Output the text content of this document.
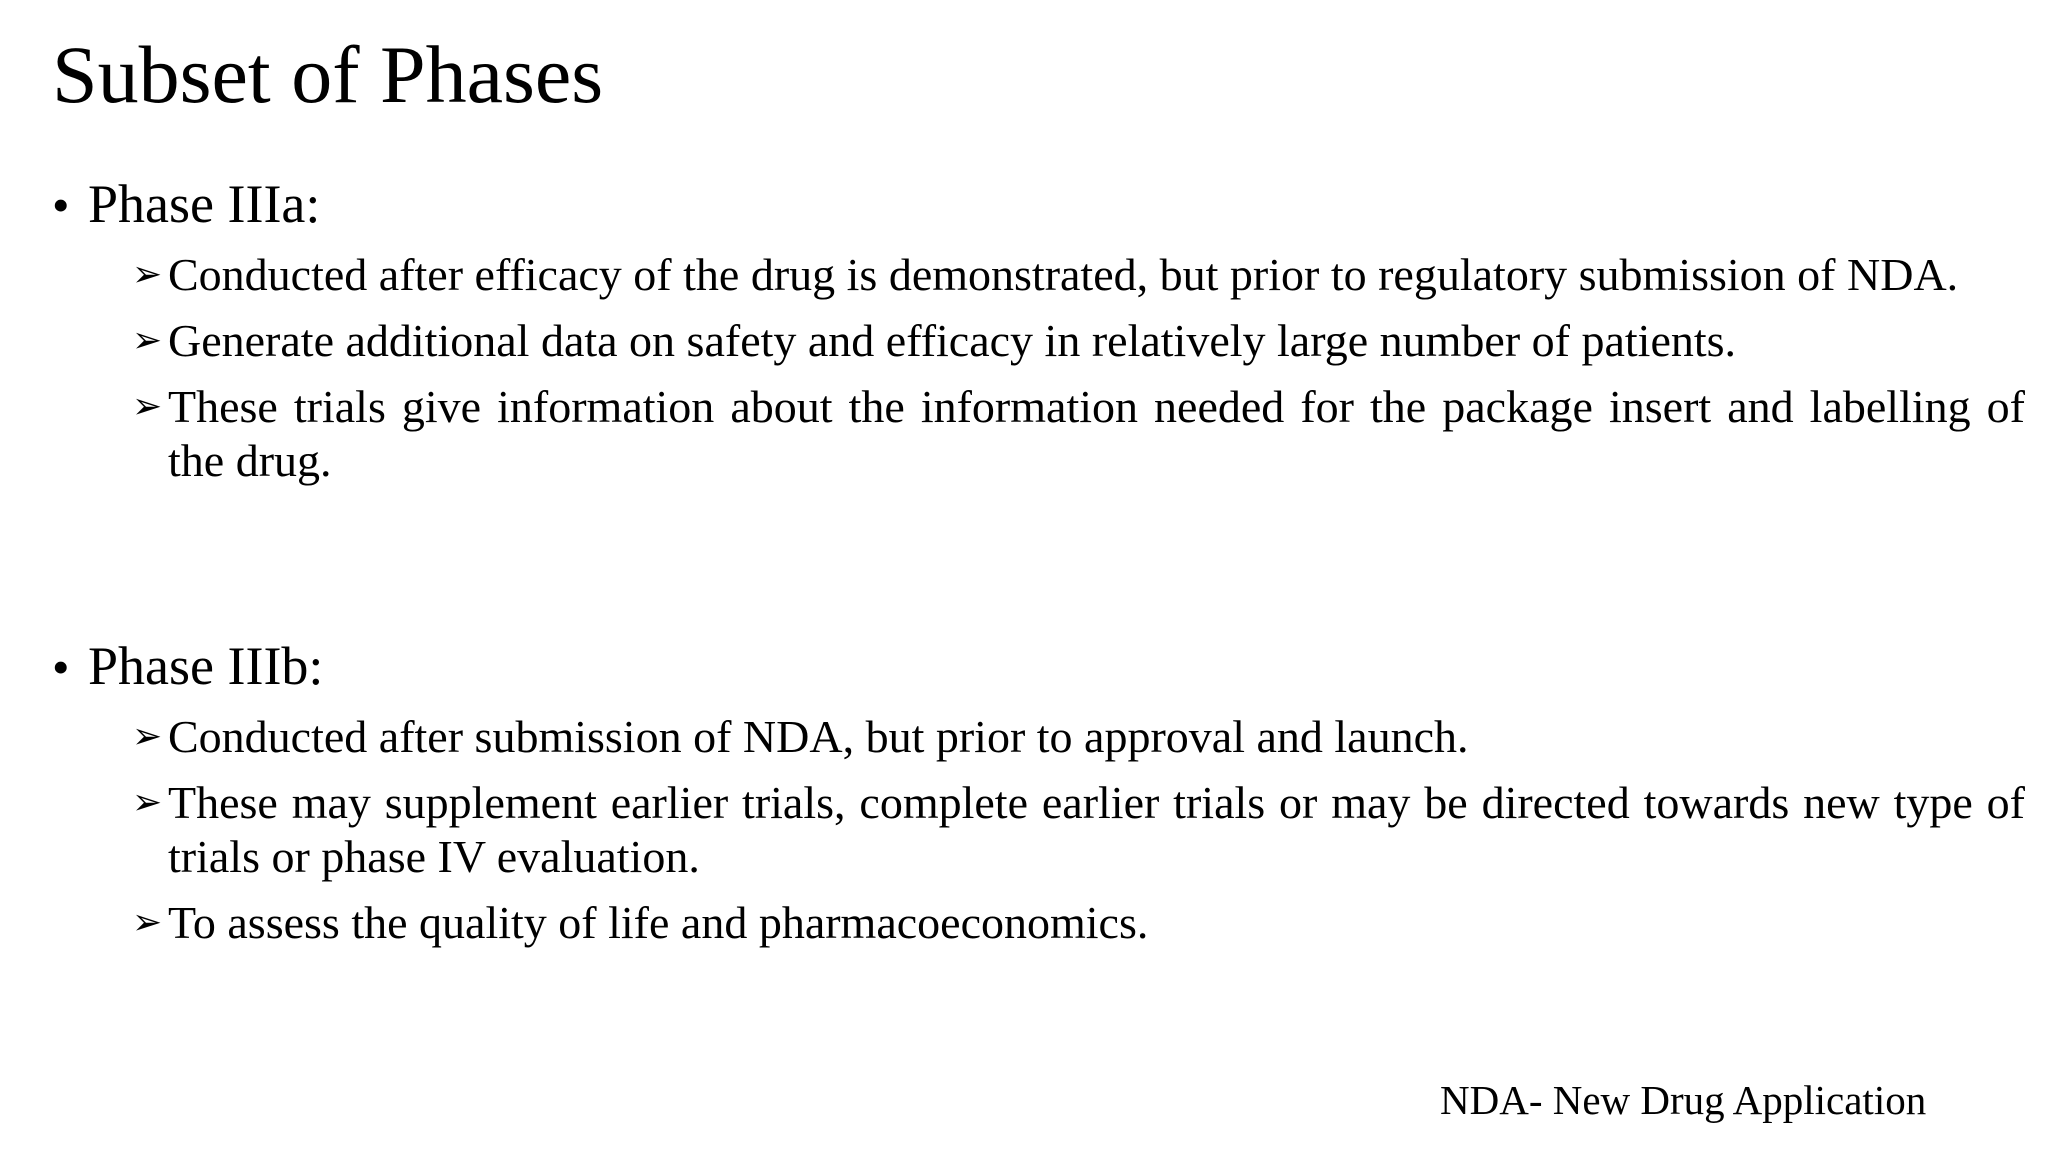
Subset of Phases
• Phase IIIa:
➢ Conducted after efficacy of the drug is demonstrated, but prior to regulatory submission of NDA.
➢ Generate additional data on safety and efficacy in relatively large number of patients.
➢ These trials give information about the information needed for the package insert and labelling of the drug.
• Phase IIIb:
➢ Conducted after submission of NDA, but prior to approval and launch.
➢ These may supplement earlier trials, complete earlier trials or may be directed towards new type of trials or phase IV evaluation.
➢ To assess the quality of life and pharmacoeconomics.
NDA- New Drug Application
